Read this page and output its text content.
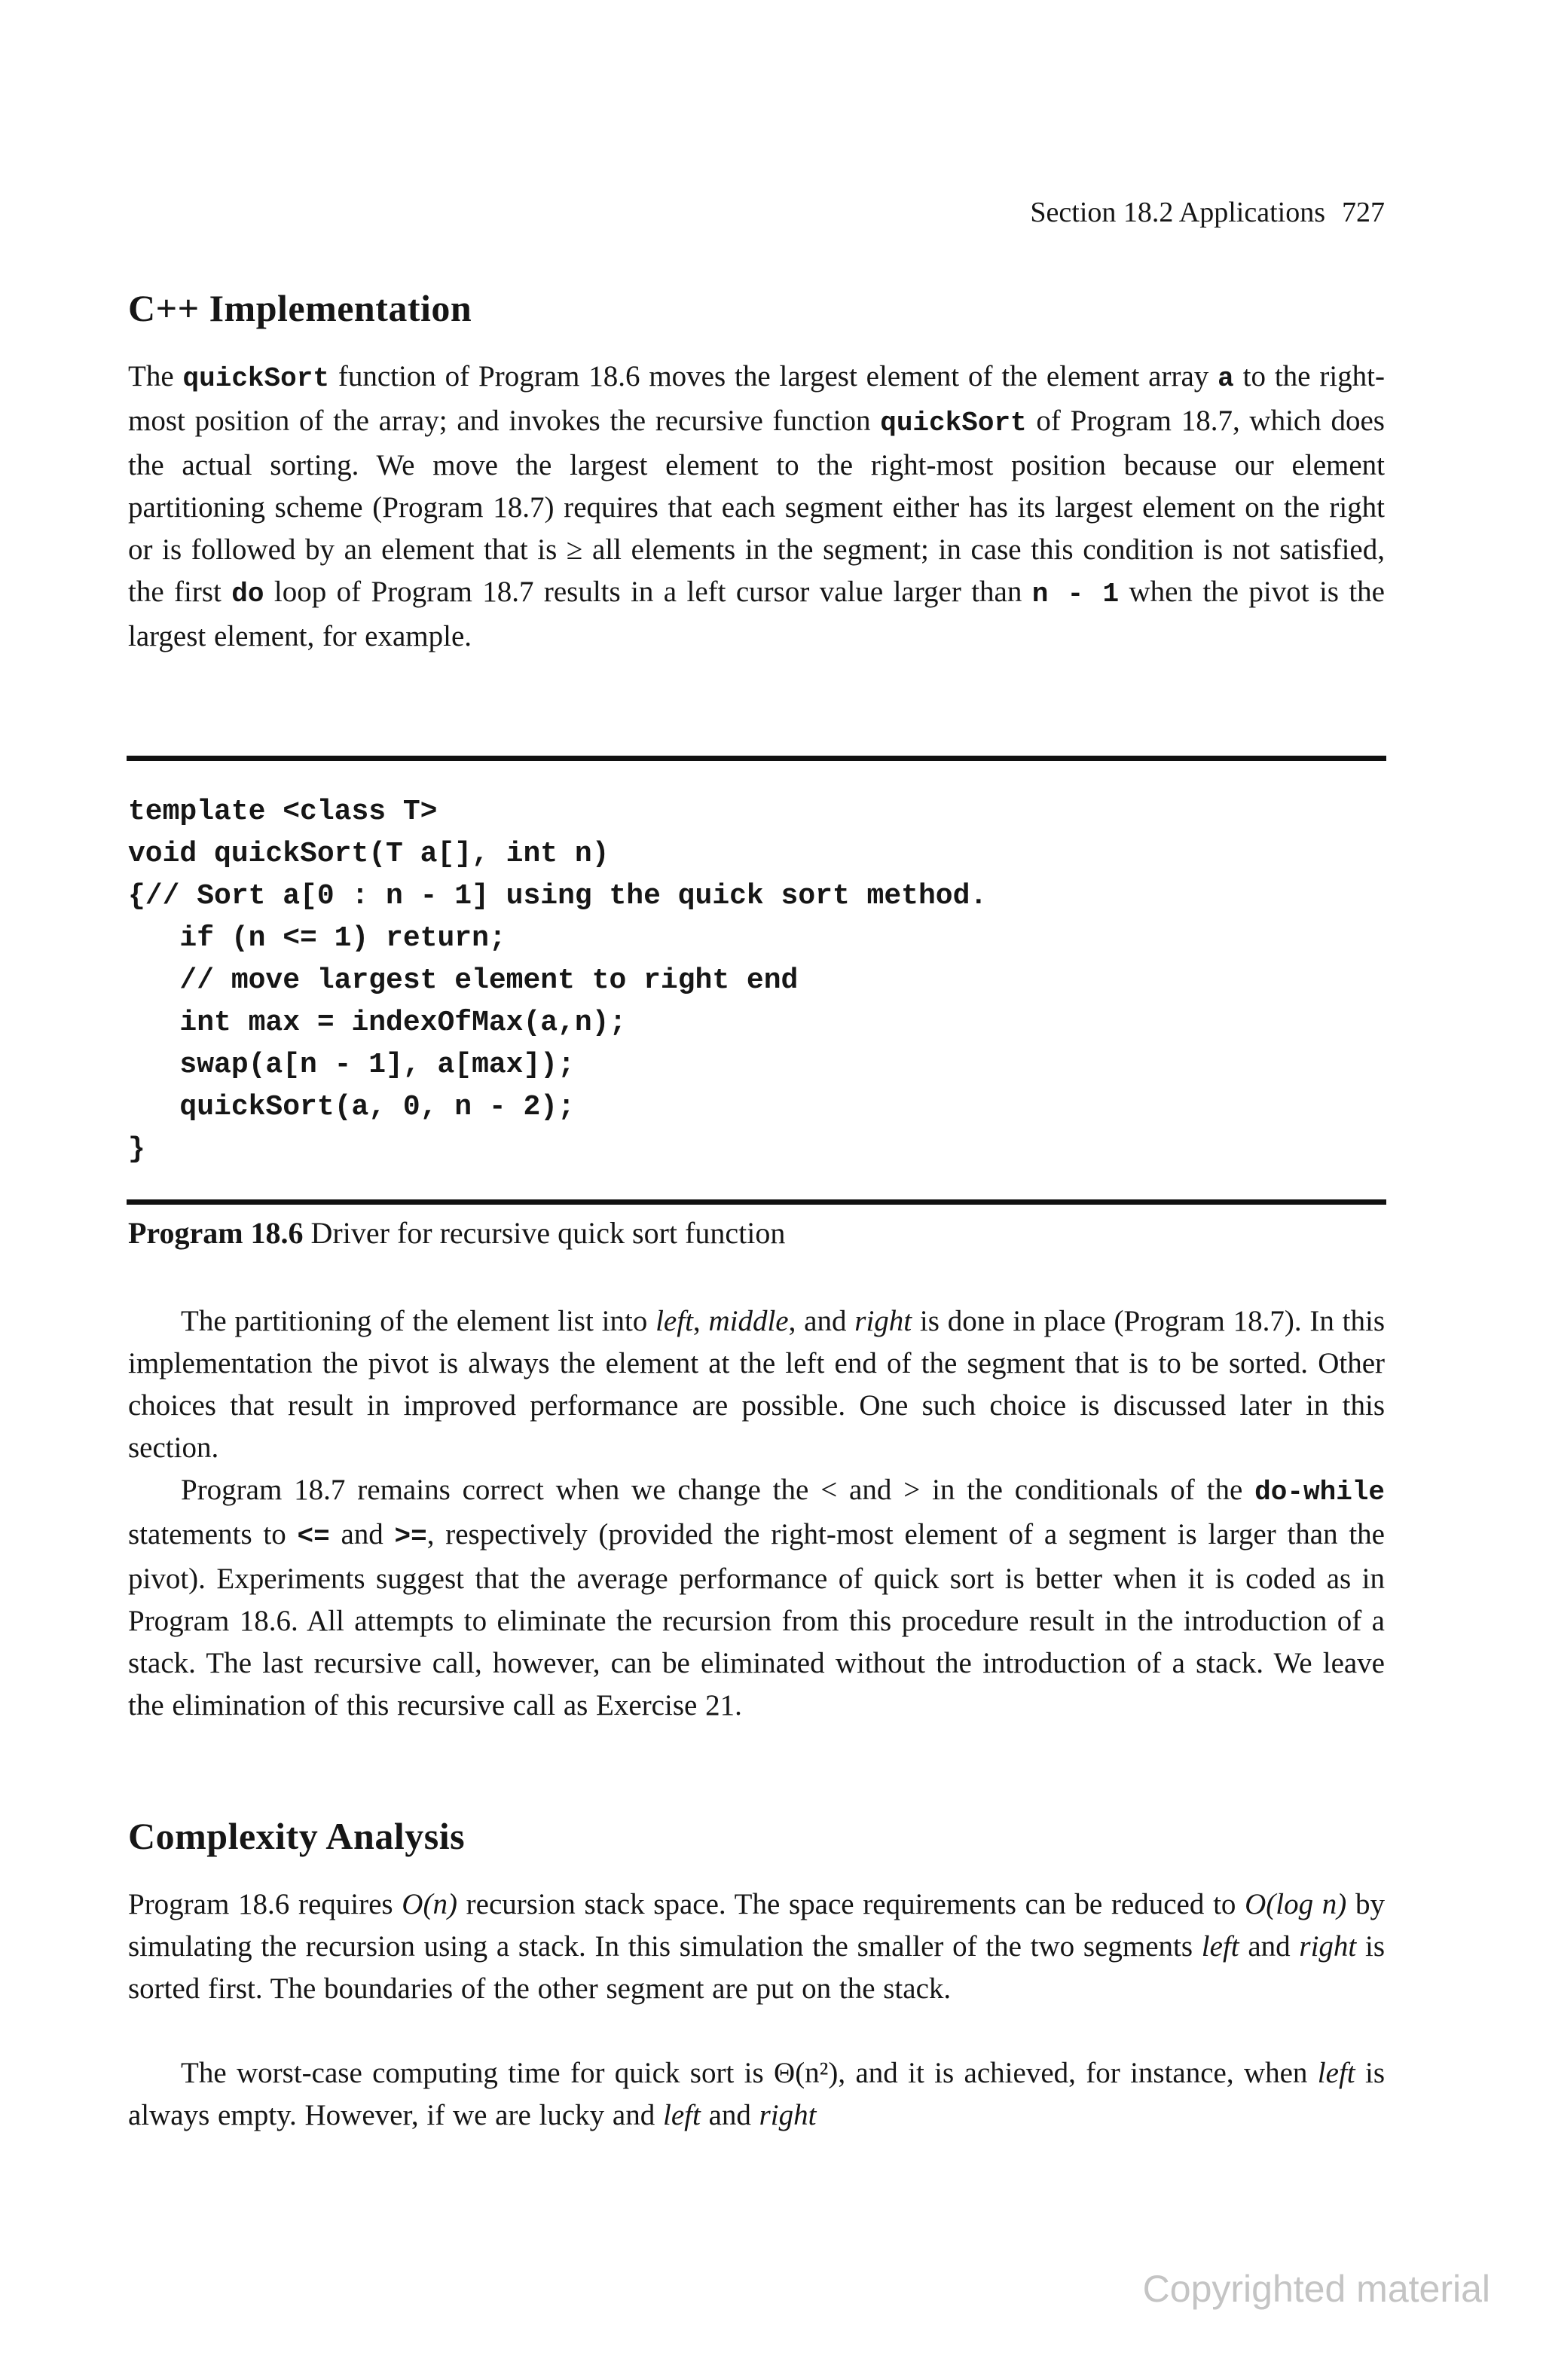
Section 18.2 Applications 727
C++ Implementation

The quickSort function of Program 18.6 moves the largest element of the element array a to the right-most position of the array; and invokes the recursive function quickSort of Program 18.7, which does the actual sorting. We move the largest element to the right-most position because our element partitioning scheme (Program 18.7) requires that each segment either has its largest element on the right or is followed by an element that is ≥ all elements in the segment; in case this condition is not satisfied, the first do loop of Program 18.7 results in a left cursor value larger than n - 1 when the pivot is the largest element, for example.

template <class T>
void quickSort(T a[], int n)
{// Sort a[0 : n - 1] using the quick sort method.
if (n <= 1) return;
// move largest element to right end
int max = indexOfMax(a,n);
swap(a[n - 1], a[max]);
quickSort(a, 0, n - 2);
}
Program 18.6 Driver for recursive quick sort function

The partitioning of the element list into left, middle, and right is done in place (Program 18.7). In this implementation the pivot is always the element at the left end of the segment that is to be sorted. Other choices that result in improved performance are possible. One such choice is discussed later in this section.

Program 18.7 remains correct when we change the < and > in the conditionals of the do-while statements to <= and >=, respectively (provided the right-most element of a segment is larger than the pivot). Experiments suggest that the average performance of quick sort is better when it is coded as in Program 18.6. All attempts to eliminate the recursion from this procedure result in the introduction of a stack. The last recursive call, however, can be eliminated without the introduction of a stack. We leave the elimination of this recursive call as Exercise 21.

Complexity Analysis

Program 18.6 requires O(n) recursion stack space. The space requirements can be reduced to O(log n) by simulating the recursion using a stack. In this simulation the smaller of the two segments left and right is sorted first. The boundaries of the other segment are put on the stack.

The worst-case computing time for quick sort is Θ(n²), and it is achieved, for instance, when left is always empty. However, if we are lucky and left and right

Copyrighted material
